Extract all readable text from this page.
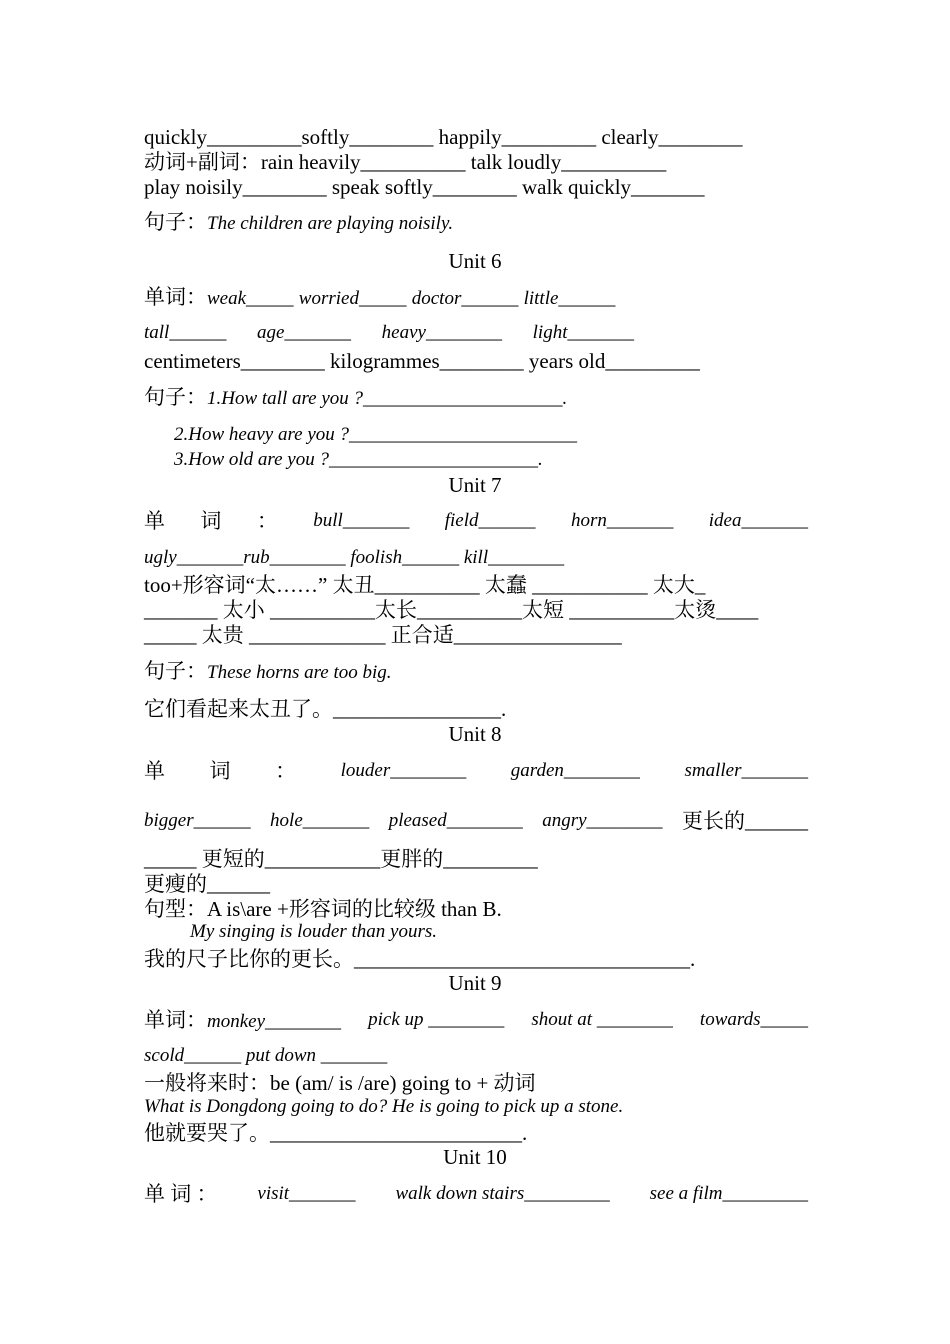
quickly_________softly________ happily_________ clearly________
动词+副词：rain heavily__________ talk loudly__________
play noisily________ speak softly________ walk quickly_______
句子：The children are playing noisily.
Unit 6
单词：weak_____ worried_____ doctor______ little______
tall______ age_______ heavy________ light_______
centimeters________ kilogrammes________ years old_________
句子：1.How tall are you ?_____________________.
2.How heavy are you ?________________________
3.How old are you ?______________________.
Unit 7
单 词 ： bull_______ field______ horn_______ idea_______
ugly_______rub________ foolish______ kill________
too+形容词“太……” 太丑__________ 太蠢 ___________ 太大_
_______ 太小 __________太长__________太短 __________太烫____
_____ 太贵 _____________ 正合适________________
句子：These horns are too big.
它们看起来太丑了。________________.
Unit 8
单 词 ： louder________ garden________ smaller_______
bigger______ hole_______ pleased________ angry________ 更长的______
_____ 更短的___________更胖的_________
更瘦的______
句型：A is\are +形容词的比较级 than B.
My singing is louder than yours.
我的尺子比你的更长。________________________________.
Unit 9
单词：monkey________ pick up ________ shout at ________ towards_____
scold______ put down _______
一般将来时：be (am/ is /are) going to + 动词
What is Dongdong going to do? He is going to pick up a stone.
他就要哭了。________________________.
Unit 10
单 词 ： visit_______ walk down stairs_________ see a film_________
